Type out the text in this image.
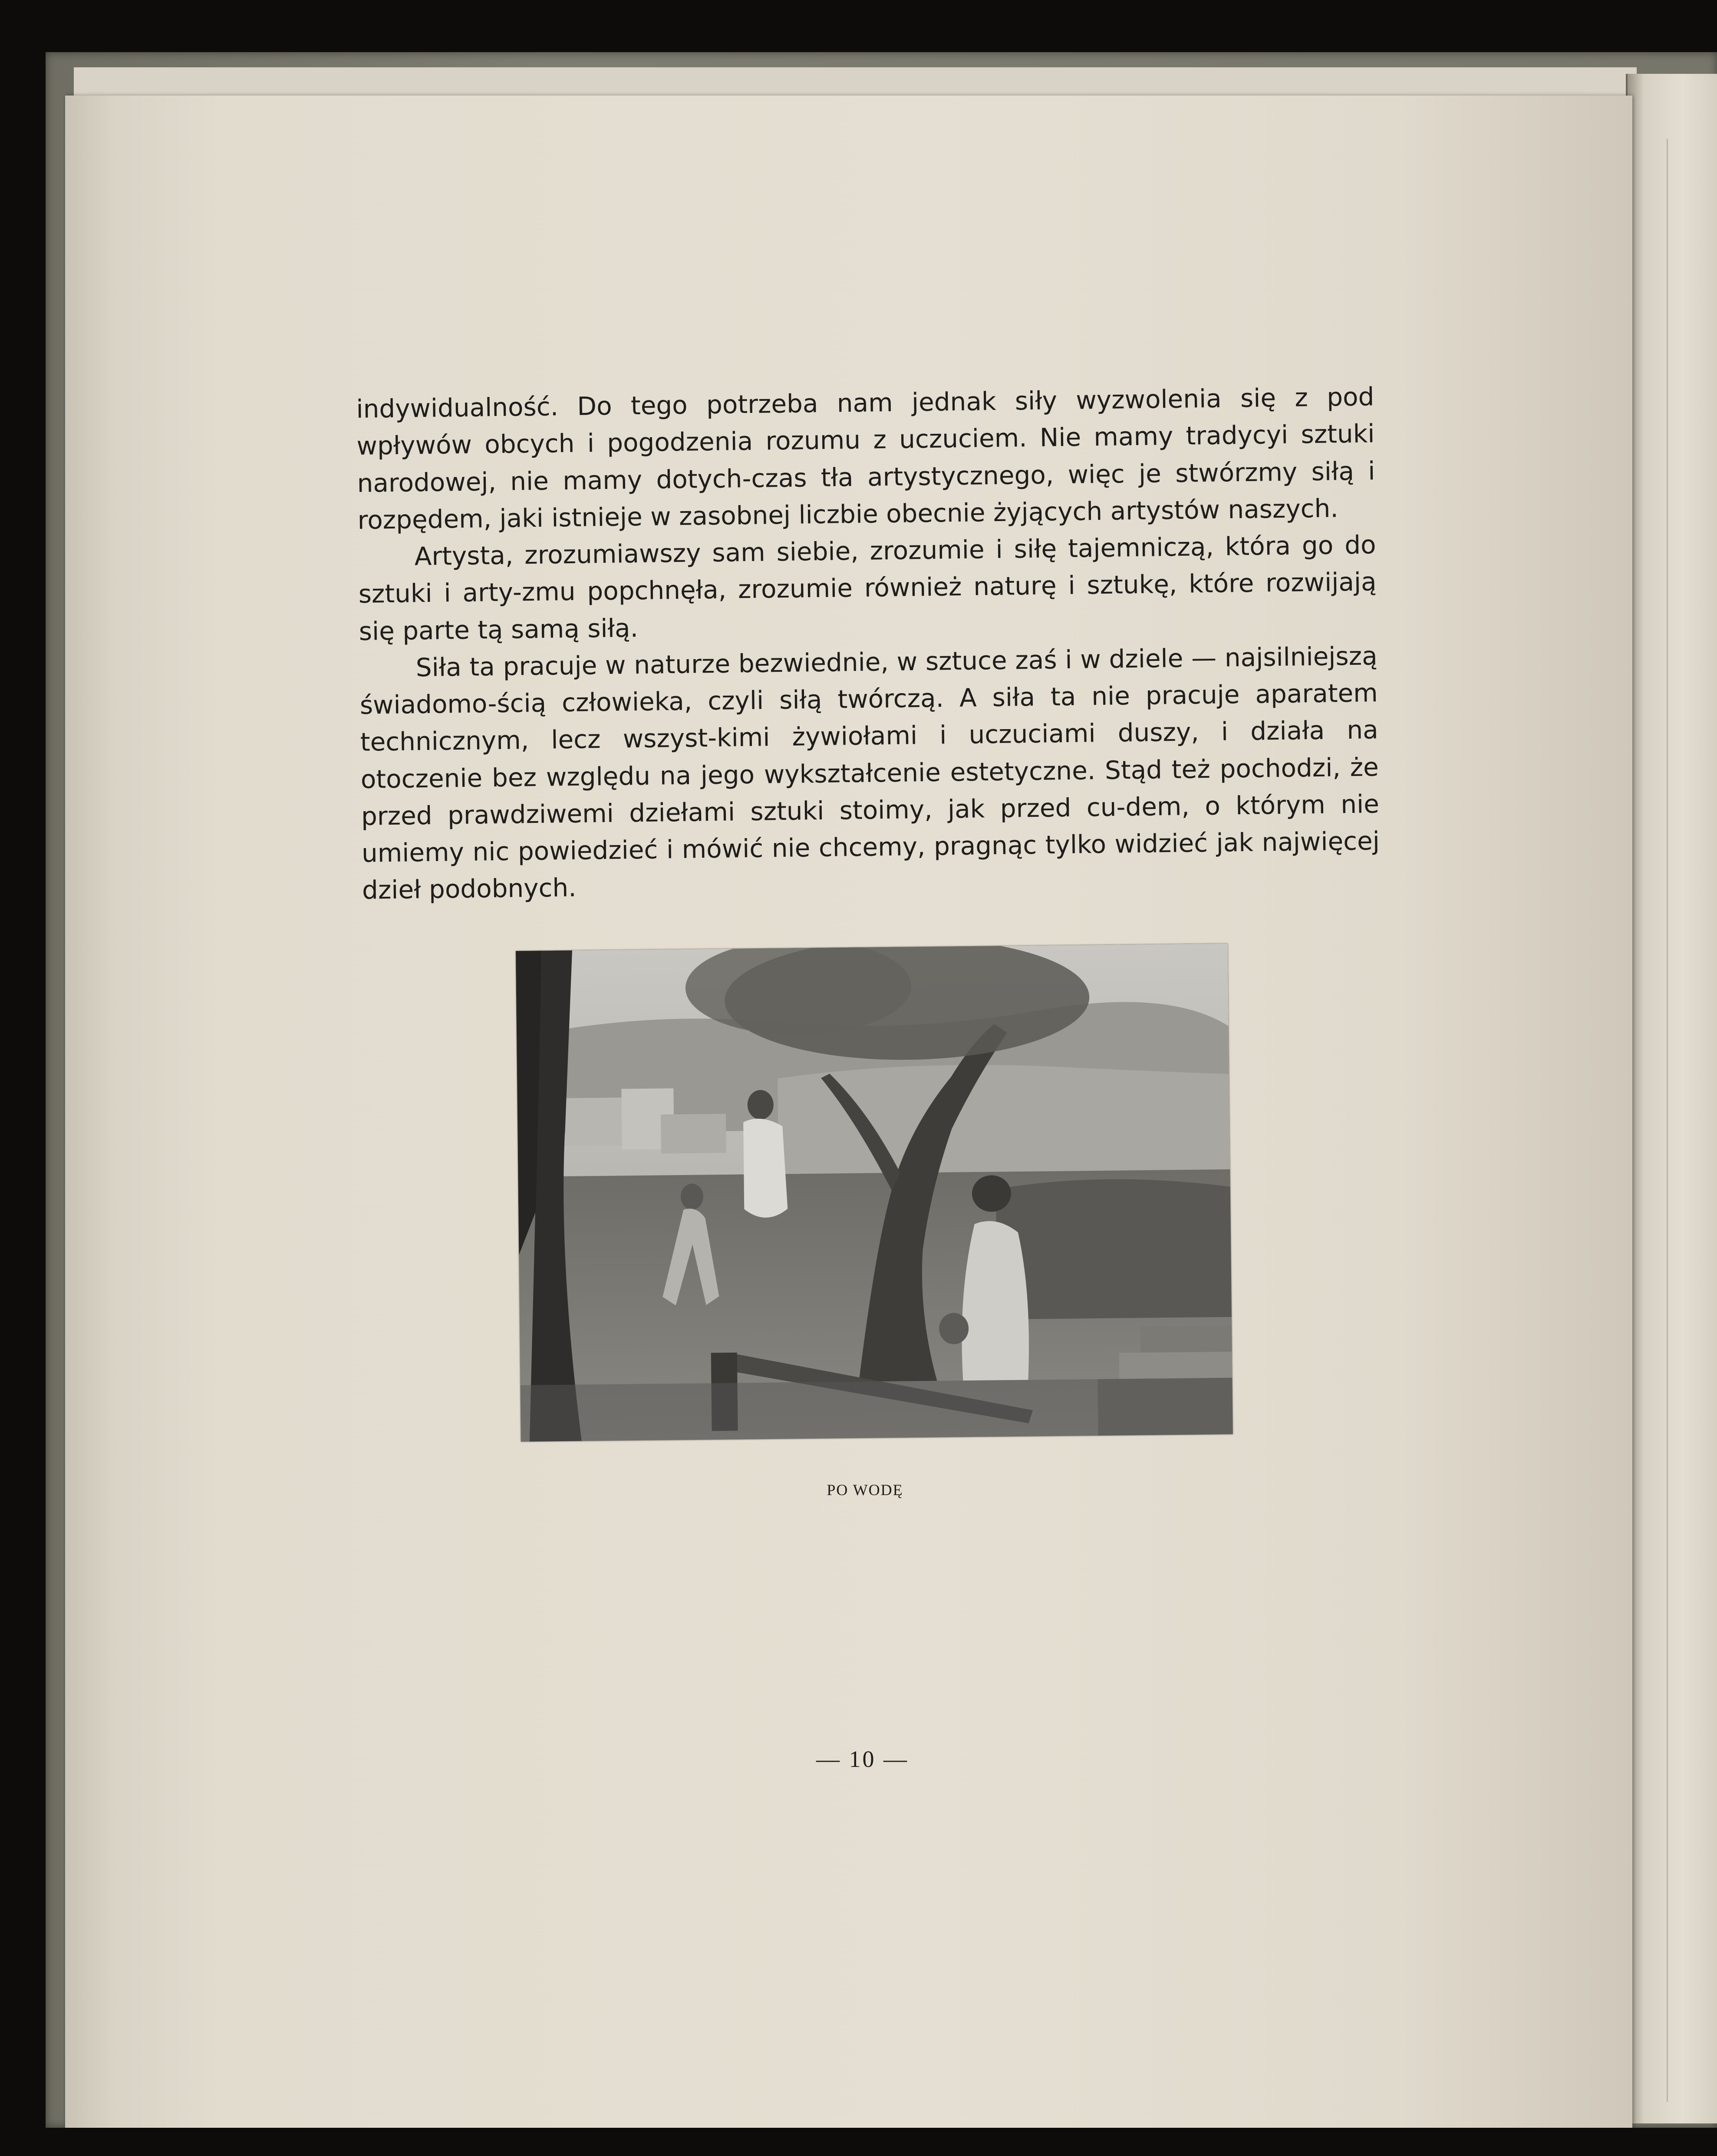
indywidualność. Do tego potrzeba nam jednak siły wyzwolenia się z pod wpływów obcych i pogodzenia rozumu z uczuciem. Nie mamy tradycyi sztuki narodowej, nie mamy dotych-czas tła artystycznego, więc je stwórzmy siłą i rozpędem, jaki istnieje w zasobnej liczbie obecnie żyjących artystów naszych.

Artysta, zrozumiawszy sam siebie, zrozumie i siłę tajemniczą, która go do sztuki i arty-zmu popchnęła, zrozumie również naturę i sztukę, które rozwijają się parte tą samą siłą.

Siła ta pracuje w naturze bezwiednie, w sztuce zaś i w dziele — najsilniejszą świadomo-ścią człowieka, czyli siłą twórczą. A siła ta nie pracuje aparatem technicznym, lecz wszyst-kimi żywiołami i uczuciami duszy, i działa na otoczenie bez względu na jego wykształcenie estetyczne. Stąd też pochodzi, że przed prawdziwemi dziełami sztuki stoimy, jak przed cu-dem, o którym nie umiemy nic powiedzieć i mówić nie chcemy, pragnąc tylko widzieć jak najwięcej dzieł podobnych.

PO WODĘ
— 10 —
